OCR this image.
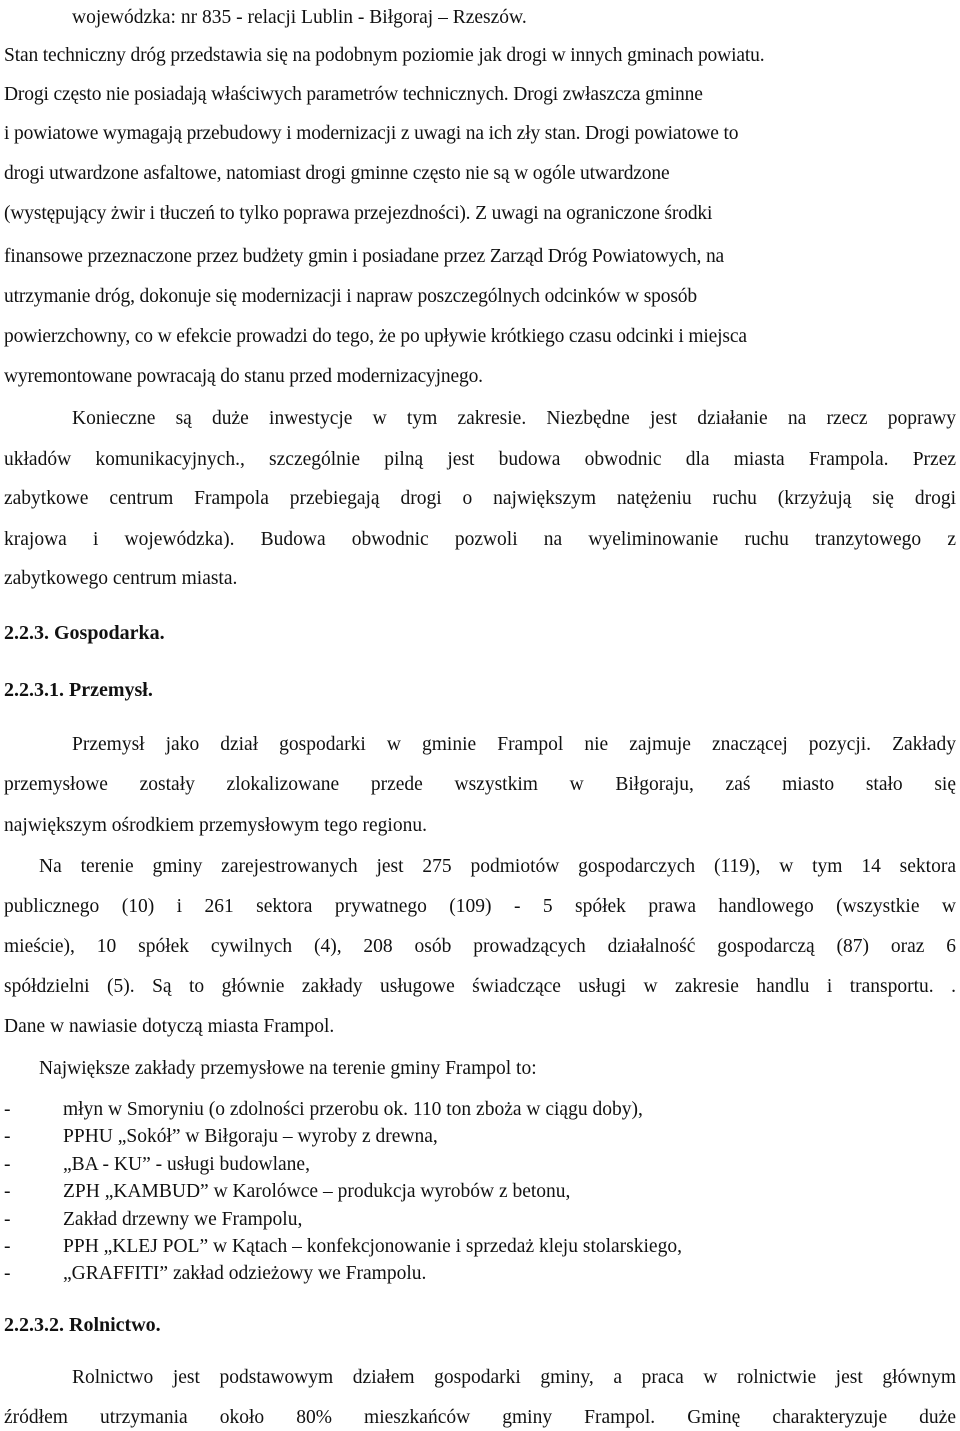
wojewódzka: nr 835 - relacji Lublin - Biłgoraj – Rzeszów.
Stan techniczny dróg przedstawia się na podobnym poziomie jak drogi w innych gminach powiatu.
Drogi często nie posiadają właściwych parametrów technicznych. Drogi zwłaszcza gminne
i powiatowe wymagają przebudowy i modernizacji z uwagi na ich zły stan. Drogi powiatowe to
drogi utwardzone asfaltowe, natomiast drogi gminne często nie są w ogóle utwardzone
(występujący żwir i tłuczeń to tylko poprawa przejezdności). Z uwagi na ograniczone środki
finansowe przeznaczone przez budżety gmin i posiadane przez Zarząd Dróg Powiatowych, na
utrzymanie dróg, dokonuje się modernizacji i napraw poszczególnych odcinków w sposób
powierzchowny, co w efekcie prowadzi do tego, że po upływie krótkiego czasu odcinki i miejsca
wyremontowane powracają do stanu przed modernizacyjnego.
Konieczne są duże inwestycje w tym zakresie. Niezbędne jest działanie na rzecz poprawy
układów komunikacyjnych., szczególnie pilną jest budowa obwodnic dla miasta Frampola. Przez
zabytkowe centrum Frampola przebiegają drogi o największym natężeniu ruchu (krzyżują się drogi
krajowa i wojewódzka). Budowa obwodnic pozwoli na wyeliminowanie ruchu tranzytowego z
zabytkowego centrum miasta.
2.2.3. Gospodarka.
2.2.3.1. Przemysł.
Przemysł jako dział gospodarki w gminie Frampol nie zajmuje znaczącej pozycji. Zakłady
przemysłowe zostały zlokalizowane przede wszystkim w Biłgoraju, zaś miasto stało się
największym ośrodkiem przemysłowym tego regionu.
Na terenie gminy zarejestrowanych jest 275 podmiotów gospodarczych (119), w tym 14 sektora
publicznego (10) i 261 sektora prywatnego (109) - 5 spółek prawa handlowego (wszystkie w
mieście), 10 spółek cywilnych (4), 208 osób prowadzących działalność gospodarczą (87) oraz 6
spółdzielni (5). Są to głównie zakłady usługowe świadczące usługi w zakresie handlu i transportu. .
Dane w nawiasie dotyczą miasta Frampol.
Największe zakłady przemysłowe na terenie gminy Frampol to:
-	młyn w Smoryniu (o zdolności przerobu ok. 110 ton zboża w ciągu doby),
-	PPHU „Sokół” w Biłgoraju – wyroby z drewna,
-	„BA - KU” - usługi budowlane,
-	ZPH „KAMBUD” w Karolówce – produkcja wyrobów z betonu,
-	Zakład drzewny we Frampolu,
-	PPH „KLEJ POL” w Kątach – konfekcjonowanie i sprzedaż kleju stolarskiego,
-	„GRAFFITI” zakład odzieżowy we Frampolu.
2.2.3.2. Rolnictwo.
Rolnictwo jest podstawowym działem gospodarki gminy, a praca w rolnictwie jest głównym
źródłem utrzymania około 80% mieszkańców gminy Frampol. Gminę charakteryzuje duże
